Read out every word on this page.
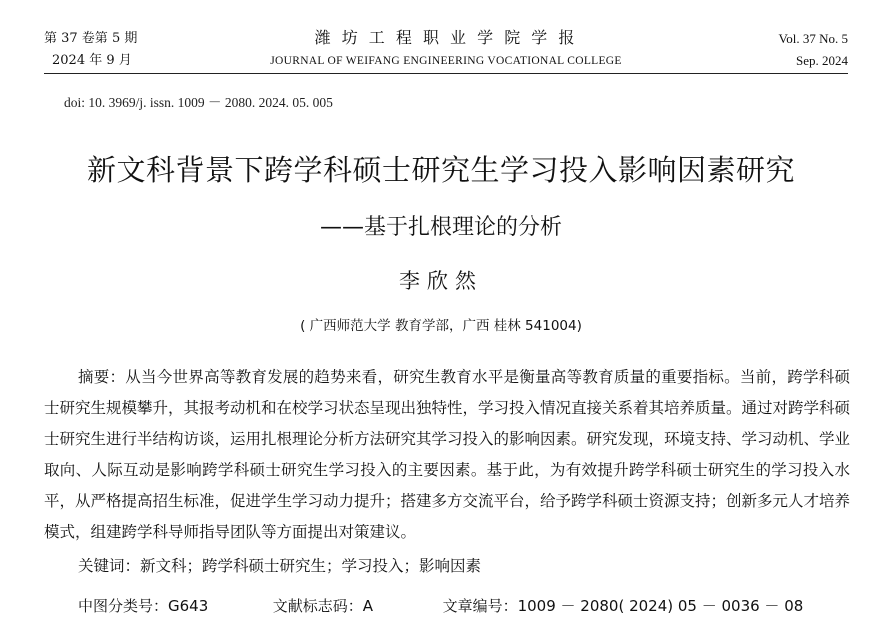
第 37 卷第 5 期
2024 年 9 月
潍 坊 工 程 职 业 学 院 学 报
JOURNAL OF WEIFANG ENGINEERING VOCATIONAL COLLEGE
Vol. 37 No. 5
Sep. 2024
doi: 10. 3969/j. issn. 1009 － 2080. 2024. 05. 005
新文科背景下跨学科硕士研究生学习投入影响因素研究
——基于扎根理论的分析
李欣然
( 广西师范大学 教育学部，广西 桂林 541004)
摘要：从当今世界高等教育发展的趋势来看，研究生教育水平是衡量高等教育质量的重要指标。当前，跨学科硕士研究生规模攀升，其报考动机和在校学习状态呈现出独特性，学习投入情况直接关系着其培养质量。通过对跨学科硕士研究生进行半结构访谈，运用扎根理论分析方法研究其学习投入的影响因素。研究发现，环境支持、学习动机、学业取向、人际互动是影响跨学科硕士研究生学习投入的主要因素。基于此，为有效提升跨学科硕士研究生的学习投入水平，从严格提高招生标准，促进学生学习动力提升；搭建多方交流平台，给予跨学科硕士资源支持；创新多元人才培养模式，组建跨学科导师指导团队等方面提出对策建议。
关键词：新文科；跨学科硕士研究生；学习投入；影响因素
中图分类号：G643	文献标志码：A	文章编号：1009 － 2080( 2024) 05 － 0036 － 08
